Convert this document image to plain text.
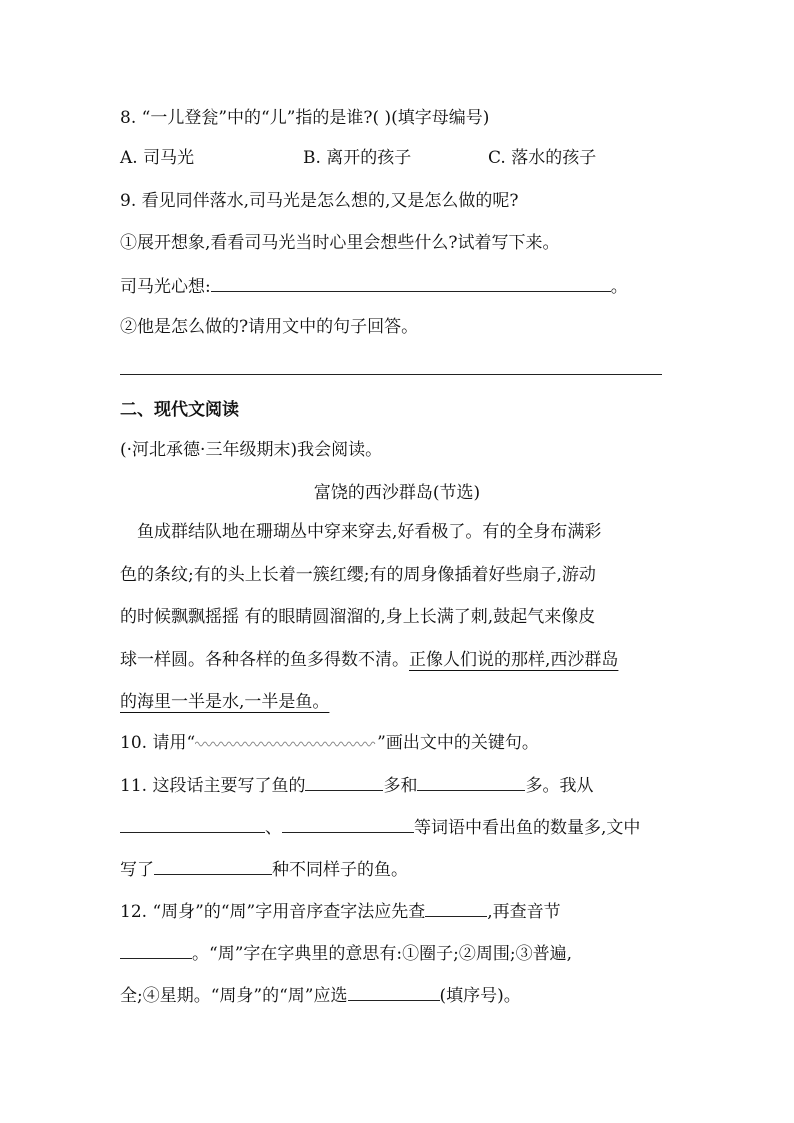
8. “一儿登瓮”中的“儿”指的是谁?( )(填字母编号)
A. 司马光	B. 离开的孩子	C. 落水的孩子
9. 看见同伴落水,司马光是怎么想的,又是怎么做的呢?
①展开想象,看看司马光当时心里会想些什么?试着写下来。
司马光心想:	。
②他是怎么做的?请用文中的句子回答。
二、现代文阅读
(·河北承德·三年级期末)我会阅读。
富饶的西沙群岛(节选)
鱼成群结队地在珊瑚丛中穿来穿去,好看极了。有的全身布满彩
色的条纹;有的头上长着一簇红缨;有的周身像插着好些扇子,游动
的时候飘飘摇摇 有的眼睛圆溜溜的,身上长满了刺,鼓起气来像皮
球一样圆。各种各样的鱼多得数不清。正像人们说的那样,西沙群岛
的海里一半是水,一半是鱼。
10. 请用“	”画出文中的关键句。
11. 这段话主要写了鱼的	多和	多。我从
、	等词语中看出鱼的数量多,文中
写了	种不同样子的鱼。
12. “周身”的“周”字用音序查字法应先查	,再查音节
。“周”字在字典里的意思有:①圈子;②周围;③普遍,
全;④星期。“周身”的“周”应选	(填序号)。
